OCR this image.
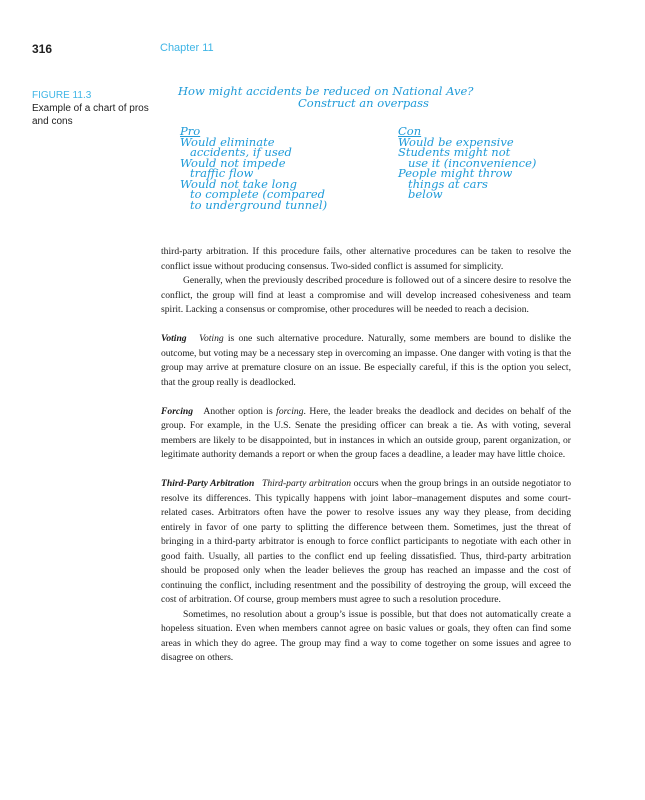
316	Chapter 11
FIGURE 11.3
Example of a chart of pros and cons
How might accidents be reduced on National Ave?
Construct an overpass
Pro
Would eliminate
accidents, if used
Would not impede
traffic flow
Would not take long
to complete (compared
to underground tunnel)
Con
Would be expensive
Students might not
use it (inconvenience)
People might throw
things at cars
below

third-party arbitration. If this procedure fails, other alternative procedures can be taken to resolve the conflict issue without producing consensus. Two-sided conflict is assumed for simplicity.

Generally, when the previously described procedure is followed out of a sincere desire to resolve the conflict, the group will find at least a compromise and will develop increased cohesiveness and team spirit. Lacking a consensus or compromise, other procedures will be needed to reach a decision.

Voting Voting is one such alternative procedure. Naturally, some members are bound to dislike the outcome, but voting may be a necessary step in overcoming an impasse. One danger with voting is that the group may arrive at premature closure on an issue. Be especially careful, if this is the option you select, that the group really is deadlocked.

Forcing Another option is forcing. Here, the leader breaks the deadlock and decides on behalf of the group. For example, in the U.S. Senate the presiding officer can break a tie. As with voting, several members are likely to be disappointed, but in instances in which an outside group, parent organization, or legitimate authority demands a report or when the group faces a deadline, a leader may have little choice.

Third-Party Arbitration Third-party arbitration occurs when the group brings in an outside negotiator to resolve its differences. This typically happens with joint labor–management disputes and some court-related cases. Arbitrators often have the power to resolve issues any way they please, from deciding entirely in favor of one party to splitting the difference between them. Sometimes, just the threat of bringing in a third-party arbitrator is enough to force conflict participants to negotiate with each other in good faith. Usually, all parties to the conflict end up feeling dissatisfied. Thus, third-party arbitration should be proposed only when the leader believes the group has reached an impasse and the cost of continuing the conflict, including resentment and the possibility of destroying the group, will exceed the cost of arbitration. Of course, group members must agree to such a resolution procedure.

Sometimes, no resolution about a group’s issue is possible, but that does not automatically create a hopeless situation. Even when members cannot agree on basic values or goals, they often can find some areas in which they do agree. The group may find a way to come together on some issues and agree to disagree on others.
